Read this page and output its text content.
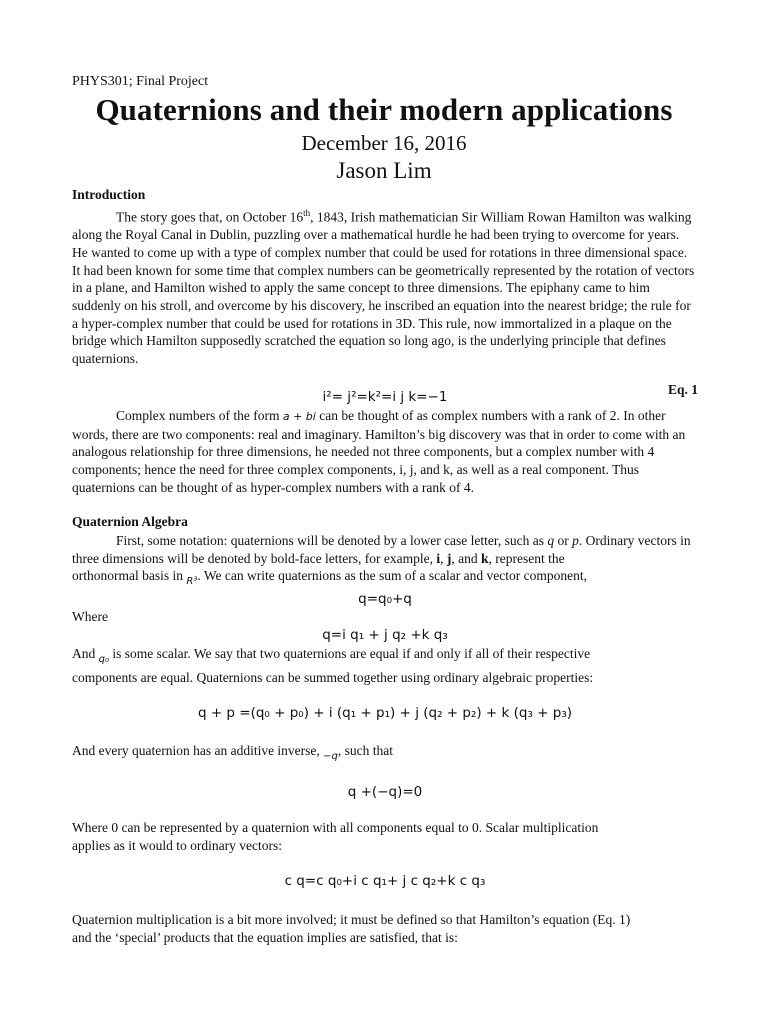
PHYS301; Final Project
Quaternions and their modern applications
December 16, 2016
Jason Lim
Introduction

The story goes that, on October 16th, 1843, Irish mathematician Sir William Rowan Hamilton was walking along the Royal Canal in Dublin, puzzling over a mathematical hurdle he had been trying to overcome for years. He wanted to come up with a type of complex number that could be used for rotations in three dimensional space. It had been known for some time that complex numbers can be geometrically represented by the rotation of vectors in a plane, and Hamilton wished to apply the same concept to three dimensions. The epiphany came to him suddenly on his stroll, and overcome by his discovery, he inscribed an equation into the nearest bridge; the rule for a hyper-complex number that could be used for rotations in 3D. This rule, now immortalized in a plaque on the bridge which Hamilton supposedly scratched the equation so long ago, is the underlying principle that defines quaternions.

i²= j²=k²=i j k=−1	Eq. 1

Complex numbers of the form a + bi can be thought of as complex numbers with a rank of 2. In other words, there are two components: real and imaginary. Hamilton’s big discovery was that in order to come with an analogous relationship for three dimensions, he needed not three components, but a complex number with 4 components; hence the need for three complex components, i, j, and k, as well as a real component. Thus quaternions can be thought of as hyper-complex numbers with a rank of 4.

Quaternion Algebra

First, some notation: quaternions will be denoted by a lower case letter, such as q or p. Ordinary vectors in three dimensions will be denoted by bold-face letters, for example, i, j, and k, represent the

orthonormal basis in $_{R^3}$. We can write quaternions as the sum of a scalar and vector component,
q=q₀+q
Where
q=i q₁ + j q₂ +k q₃
And $_{q_0}$ is some scalar. We say that two quaternions are equal if and only if all of their respective
components are equal. Quaternions can be summed together using ordinary algebraic properties:
q + p =(q₀ + p₀) + i (q₁ + p₁) + j (q₂ + p₂) + k (q₃ + p₃)
And every quaternion has an additive inverse, $_{-q}$, such that
q +(−q)=0
Where 0 can be represented by a quaternion with all components equal to 0. Scalar multiplication
applies as it would to ordinary vectors:
c q=c q₀+i c q₁+ j c q₂+k c q₃
Quaternion multiplication is a bit more involved; it must be defined so that Hamilton’s equation (Eq. 1)
and the ‘special’ products that the equation implies are satisfied, that is:
